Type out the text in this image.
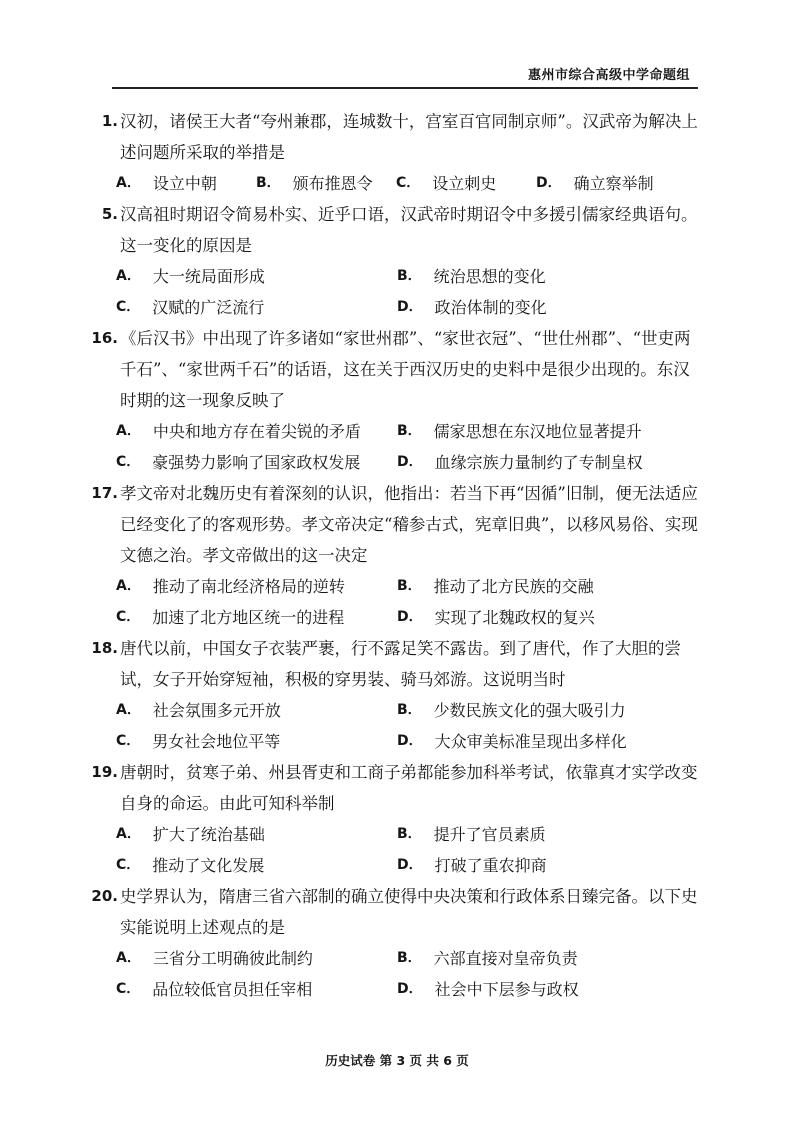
惠州市综合高级中学命题组
1. 汉初，诸侯王大者“夸州兼郡，连城数十，宫室百官同制京师”。汉武帝为解决上述问题所采取的举措是
A． 设立中朝	B． 颁布推恩令 C． 设立刺史	D． 确立察举制
5. 汉高祖时期诏令简易朴实、近乎口语，汉武帝时期诏令中多援引儒家经典语句。这一变化的原因是
A． 大一统局面形成	B． 统治思想的变化
C． 汉赋的广泛流行	D． 政治体制的变化
16. 《后汉书》中出现了许多诸如“家世州郡”、“家世衣冠”、“世仕州郡”、“世吏两千石”、“家世两千石”的话语，这在关于西汉历史的史料中是很少出现的。东汉时期的这一现象反映了
A． 中央和地方存在着尖锐的矛盾	B． 儒家思想在东汉地位显著提升
C． 豪强势力影响了国家政权发展	D． 血缘宗族力量制约了专制皇权
17. 孝文帝对北魏历史有着深刻的认识，他指出：若当下再“因循”旧制，便无法适应已经变化了的客观形势。孝文帝决定“稽参古式，宪章旧典”，以移风易俗、实现文德之治。孝文帝做出的这一决定
A． 推动了南北经济格局的逆转	B． 推动了北方民族的交融
C． 加速了北方地区统一的进程	D． 实现了北魏政权的复兴
18. 唐代以前，中国女子衣装严裹，行不露足笑不露齿。到了唐代，作了大胆的尝试，女子开始穿短袖，积极的穿男装、骑马郊游。这说明当时
A． 社会氛围多元开放	B． 少数民族文化的强大吸引力
C． 男女社会地位平等	D． 大众审美标准呈现出多样化
19. 唐朝时，贫寒子弟、州县胥吏和工商子弟都能参加科举考试，依靠真才实学改变自身的命运。由此可知科举制
A． 扩大了统治基础	B． 提升了官员素质
C． 推动了文化发展	D． 打破了重农抑商
20. 史学界认为，隋唐三省六部制的确立使得中央决策和行政体系日臻完备。以下史实能说明上述观点的是
A． 三省分工明确彼此制约	B． 六部直接对皇帝负责
C． 品位较低官员担任宰相	D． 社会中下层参与政权
历史试卷 第 3 页 共 6 页
